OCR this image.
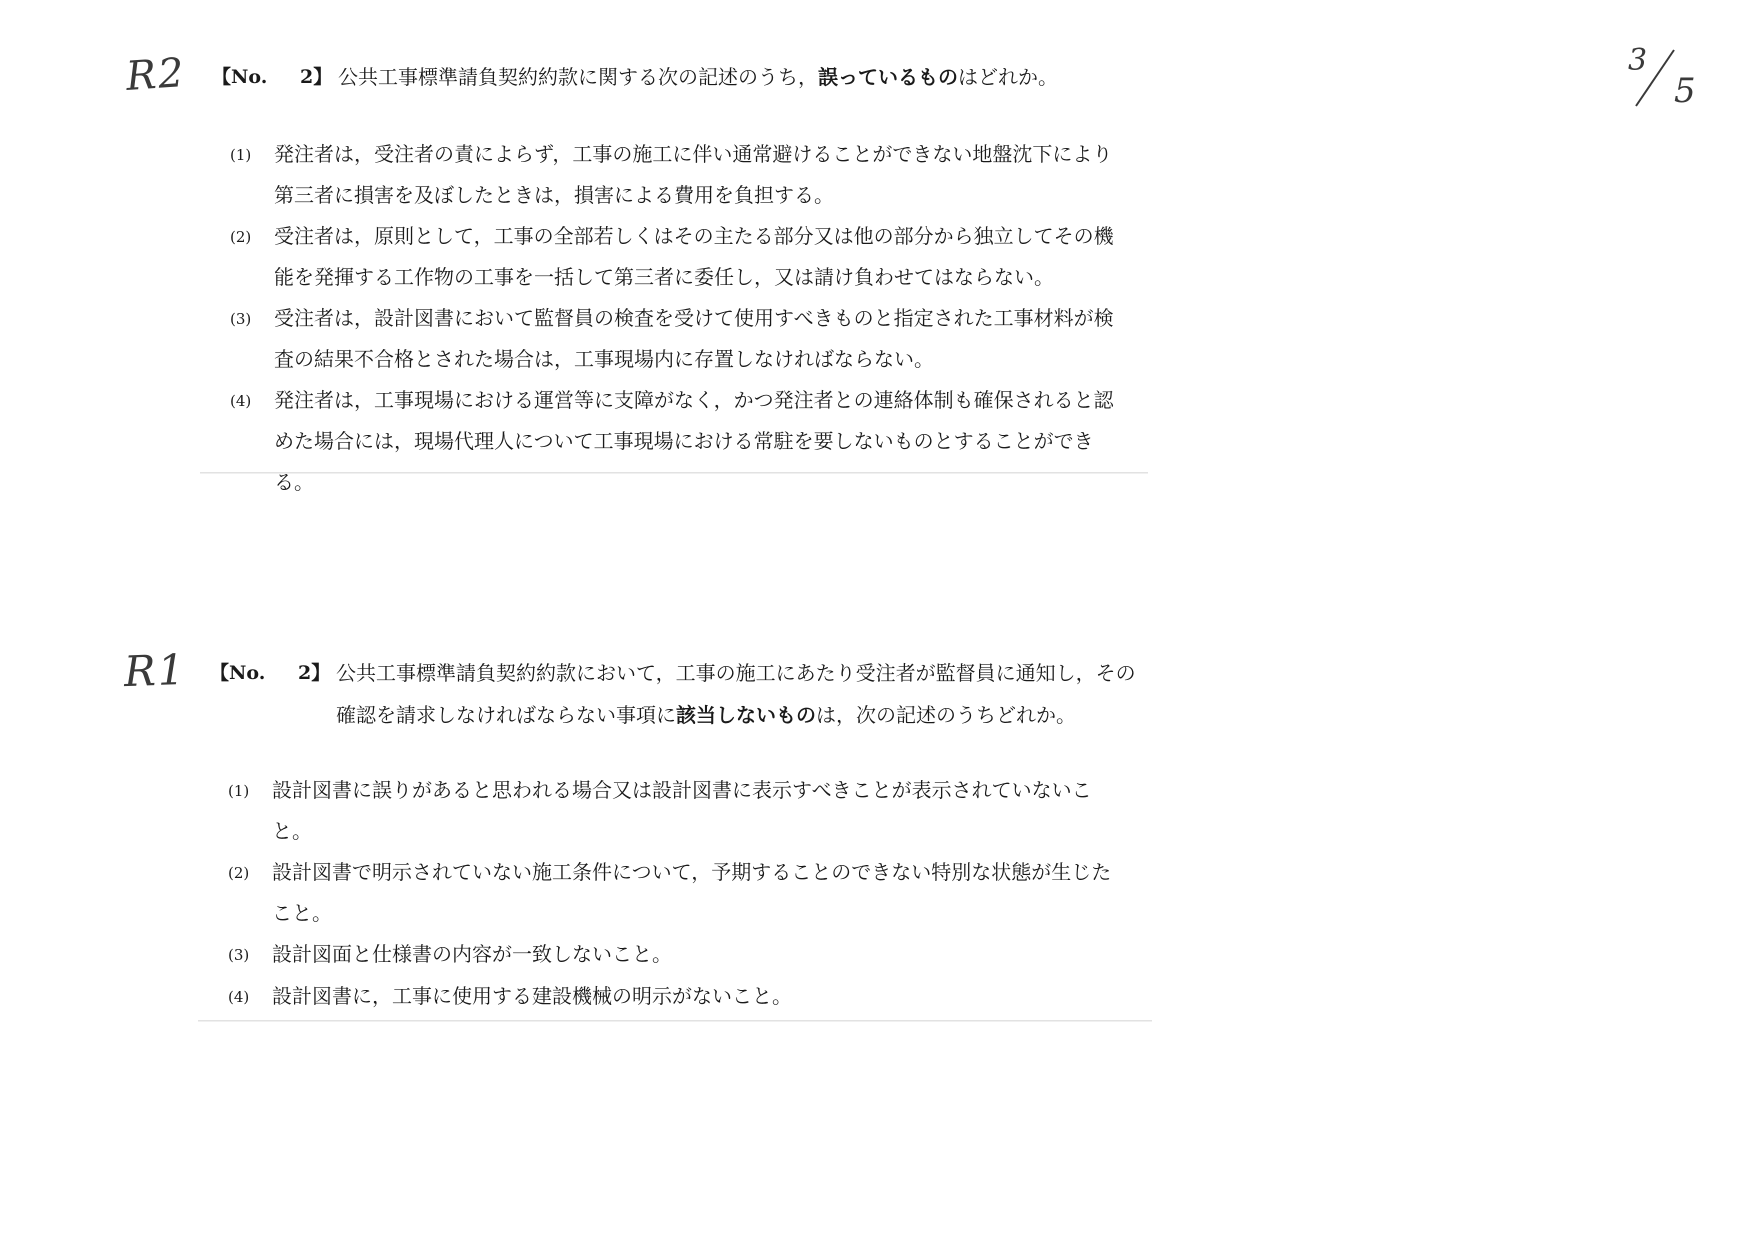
R2
R1
3
5
【No. 2】 公共工事標準請負契約約款に関する次の記述のうち，誤っているものはどれか。
(1)	発注者は，受注者の責によらず，工事の施工に伴い通常避けることができない地盤沈下により第三者に損害を及ぼしたときは，損害による費用を負担する。
(2)	受注者は，原則として，工事の全部若しくはその主たる部分又は他の部分から独立してその機能を発揮する工作物の工事を一括して第三者に委任し，又は請け負わせてはならない。
(3)	受注者は，設計図書において監督員の検査を受けて使用すべきものと指定された工事材料が検査の結果不合格とされた場合は，工事現場内に存置しなければならない。
(4)	発注者は，工事現場における運営等に支障がなく，かつ発注者との連絡体制も確保されると認めた場合には，現場代理人について工事現場における常駐を要しないものとすることができる。
【No. 2】 公共工事標準請負契約約款において，工事の施工にあたり受注者が監督員に通知し，その確認を請求しなければならない事項に該当しないものは，次の記述のうちどれか。
(1)	設計図書に誤りがあると思われる場合又は設計図書に表示すべきことが表示されていないこと。
(2)	設計図書で明示されていない施工条件について，予期することのできない特別な状態が生じたこと。
(3)	設計図面と仕様書の内容が一致しないこと。
(4)	設計図書に，工事に使用する建設機械の明示がないこと。
